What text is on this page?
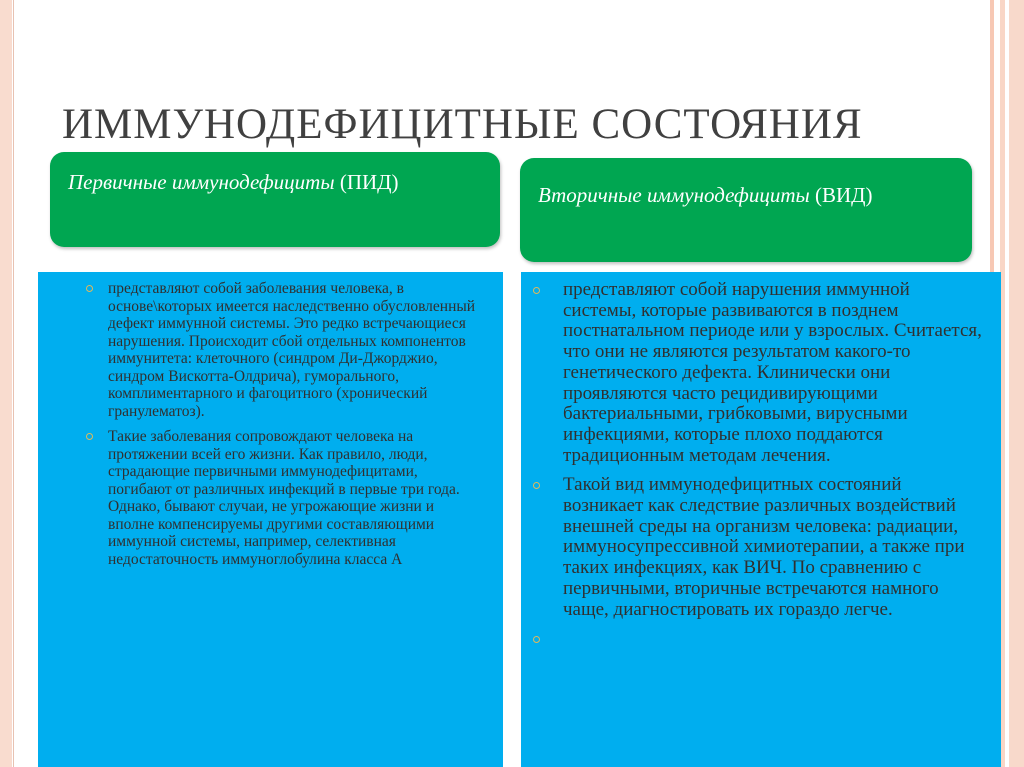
ИММУНОДЕФИЦИТНЫЕ СОСТОЯНИЯ
Первичные иммунодефициты (ПИД)
Вторичные иммунодефициты (ВИД)
представляют собой заболевания человека, в основе\которых имеется наследственно обусловленный дефект иммунной системы. Это редко встречающиеся нарушения. Происходит сбой отдельных компонентов иммунитета: клеточного (синдром Ди-Джорджио, синдром Вискотта-Олдрича), гуморального, комплиментарного и фагоцитного (хронический гранулематоз).
Такие заболевания сопровождают человека на протяжении всей его жизни. Как правило, люди, страдающие первичными иммунодефицитами, погибают от различных инфекций в первые три года. Однако, бывают случаи, не угрожающие жизни и вполне компенсируемы другими составляющими иммунной системы, например, селективная недостаточность иммуноглобулина класса А
представляют собой нарушения иммунной системы, которые развиваются в позднем постнатальном периоде или у взрослых. Считается, что они не являются результатом какого-то генетического дефекта. Клинически они проявляются часто рецидивирующими бактериальными, грибковыми, вирусными инфекциями, которые плохо поддаются традиционным методам лечения.
Такой вид иммунодефицитных состояний возникает как следствие различных воздействий внешней среды на организм человека: радиации, иммуносупрессивной химиотерапии, а также при таких инфекциях, как ВИЧ. По сравнению с первичными, вторичные встречаются намного чаще, диагностировать их гораздо легче.
